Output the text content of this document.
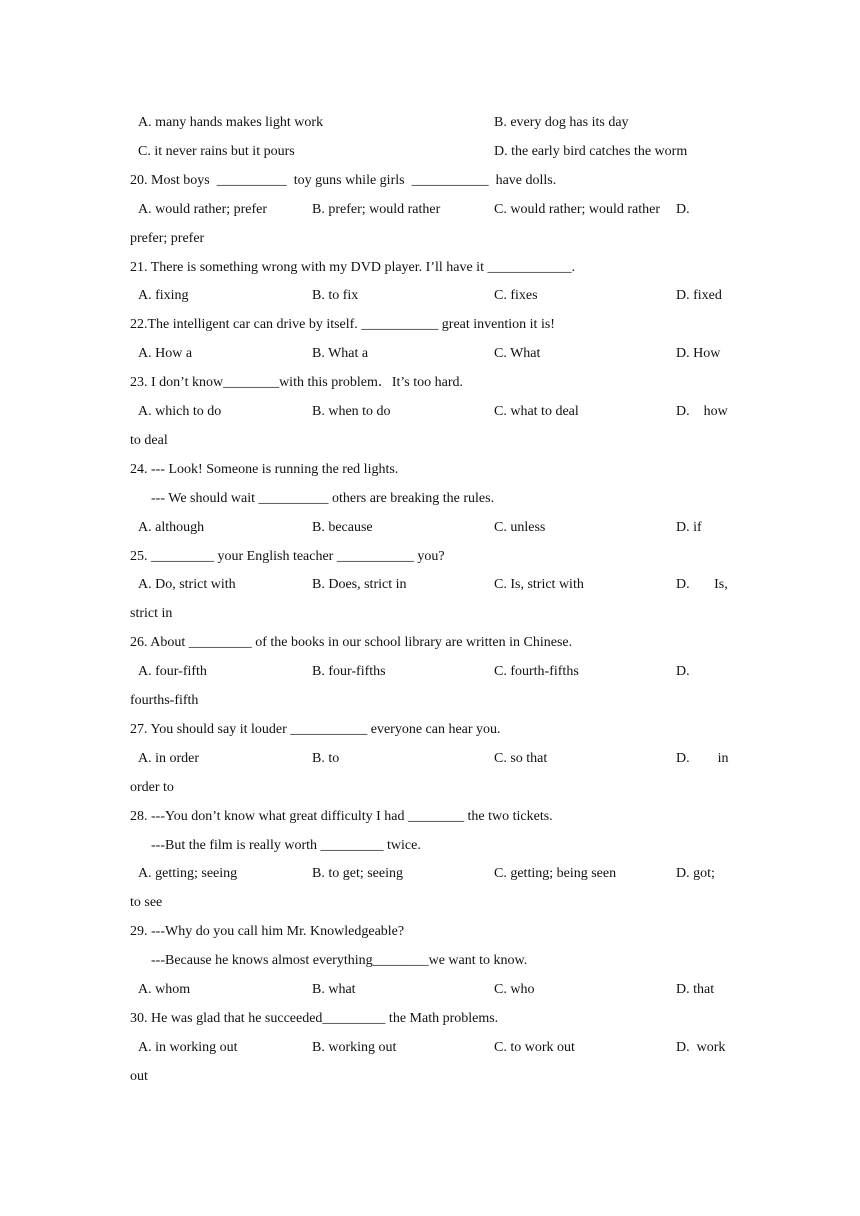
A. many hands makes light work	B. every dog has its day
C. it never rains but it pours	D. the early bird catches the worm
20. Most boys  __________  toy guns while girls  ___________  have dolls.
A. would rather; prefer	B. prefer; would rather	C. would rather; would rather D.
prefer; prefer
21. There is something wrong with my DVD player. I’ll have it ____________.
A. fixing	B. to fix	C. fixes	D. fixed
22.The intelligent car can drive by itself. ___________ great invention it is!
A. How a	B. What a	C. What	D. How
23. I don’t know________with this problem．It’s too hard.
A. which to do	B. when to do	C. what to deal	D.    how
to deal
24. --- Look! Someone is running the red lights.
--- We should wait __________ others are breaking the rules.
A. although	B. because	C. unless	D. if
25. _________ your English teacher ___________ you?
A. Do, strict with	B. Does, strict in	C. Is, strict with	D.       Is,
strict in
26. About _________ of the books in our school library are written in Chinese.
A. four-fifth	B. four-fifths	C. fourth-fifths	D.
fourths-fifth
27. You should say it louder ___________ everyone can hear you.
A. in order	B. to	C. so that	D.        in
order to
28. ---You don’t know what great difficulty I had ________ the two tickets.
---But the film is really worth _________ twice.
A. getting; seeing	B. to get; seeing	C. getting; being seen	D. got;
to see
29. ---Why do you call him Mr. Knowledgeable?
---Because he knows almost everything________we want to know.
A. whom	B. what	C. who	D. that
30. He was glad that he succeeded_________ the Math problems.
A. in working out	B. working out	C. to work out	D.  work
out
